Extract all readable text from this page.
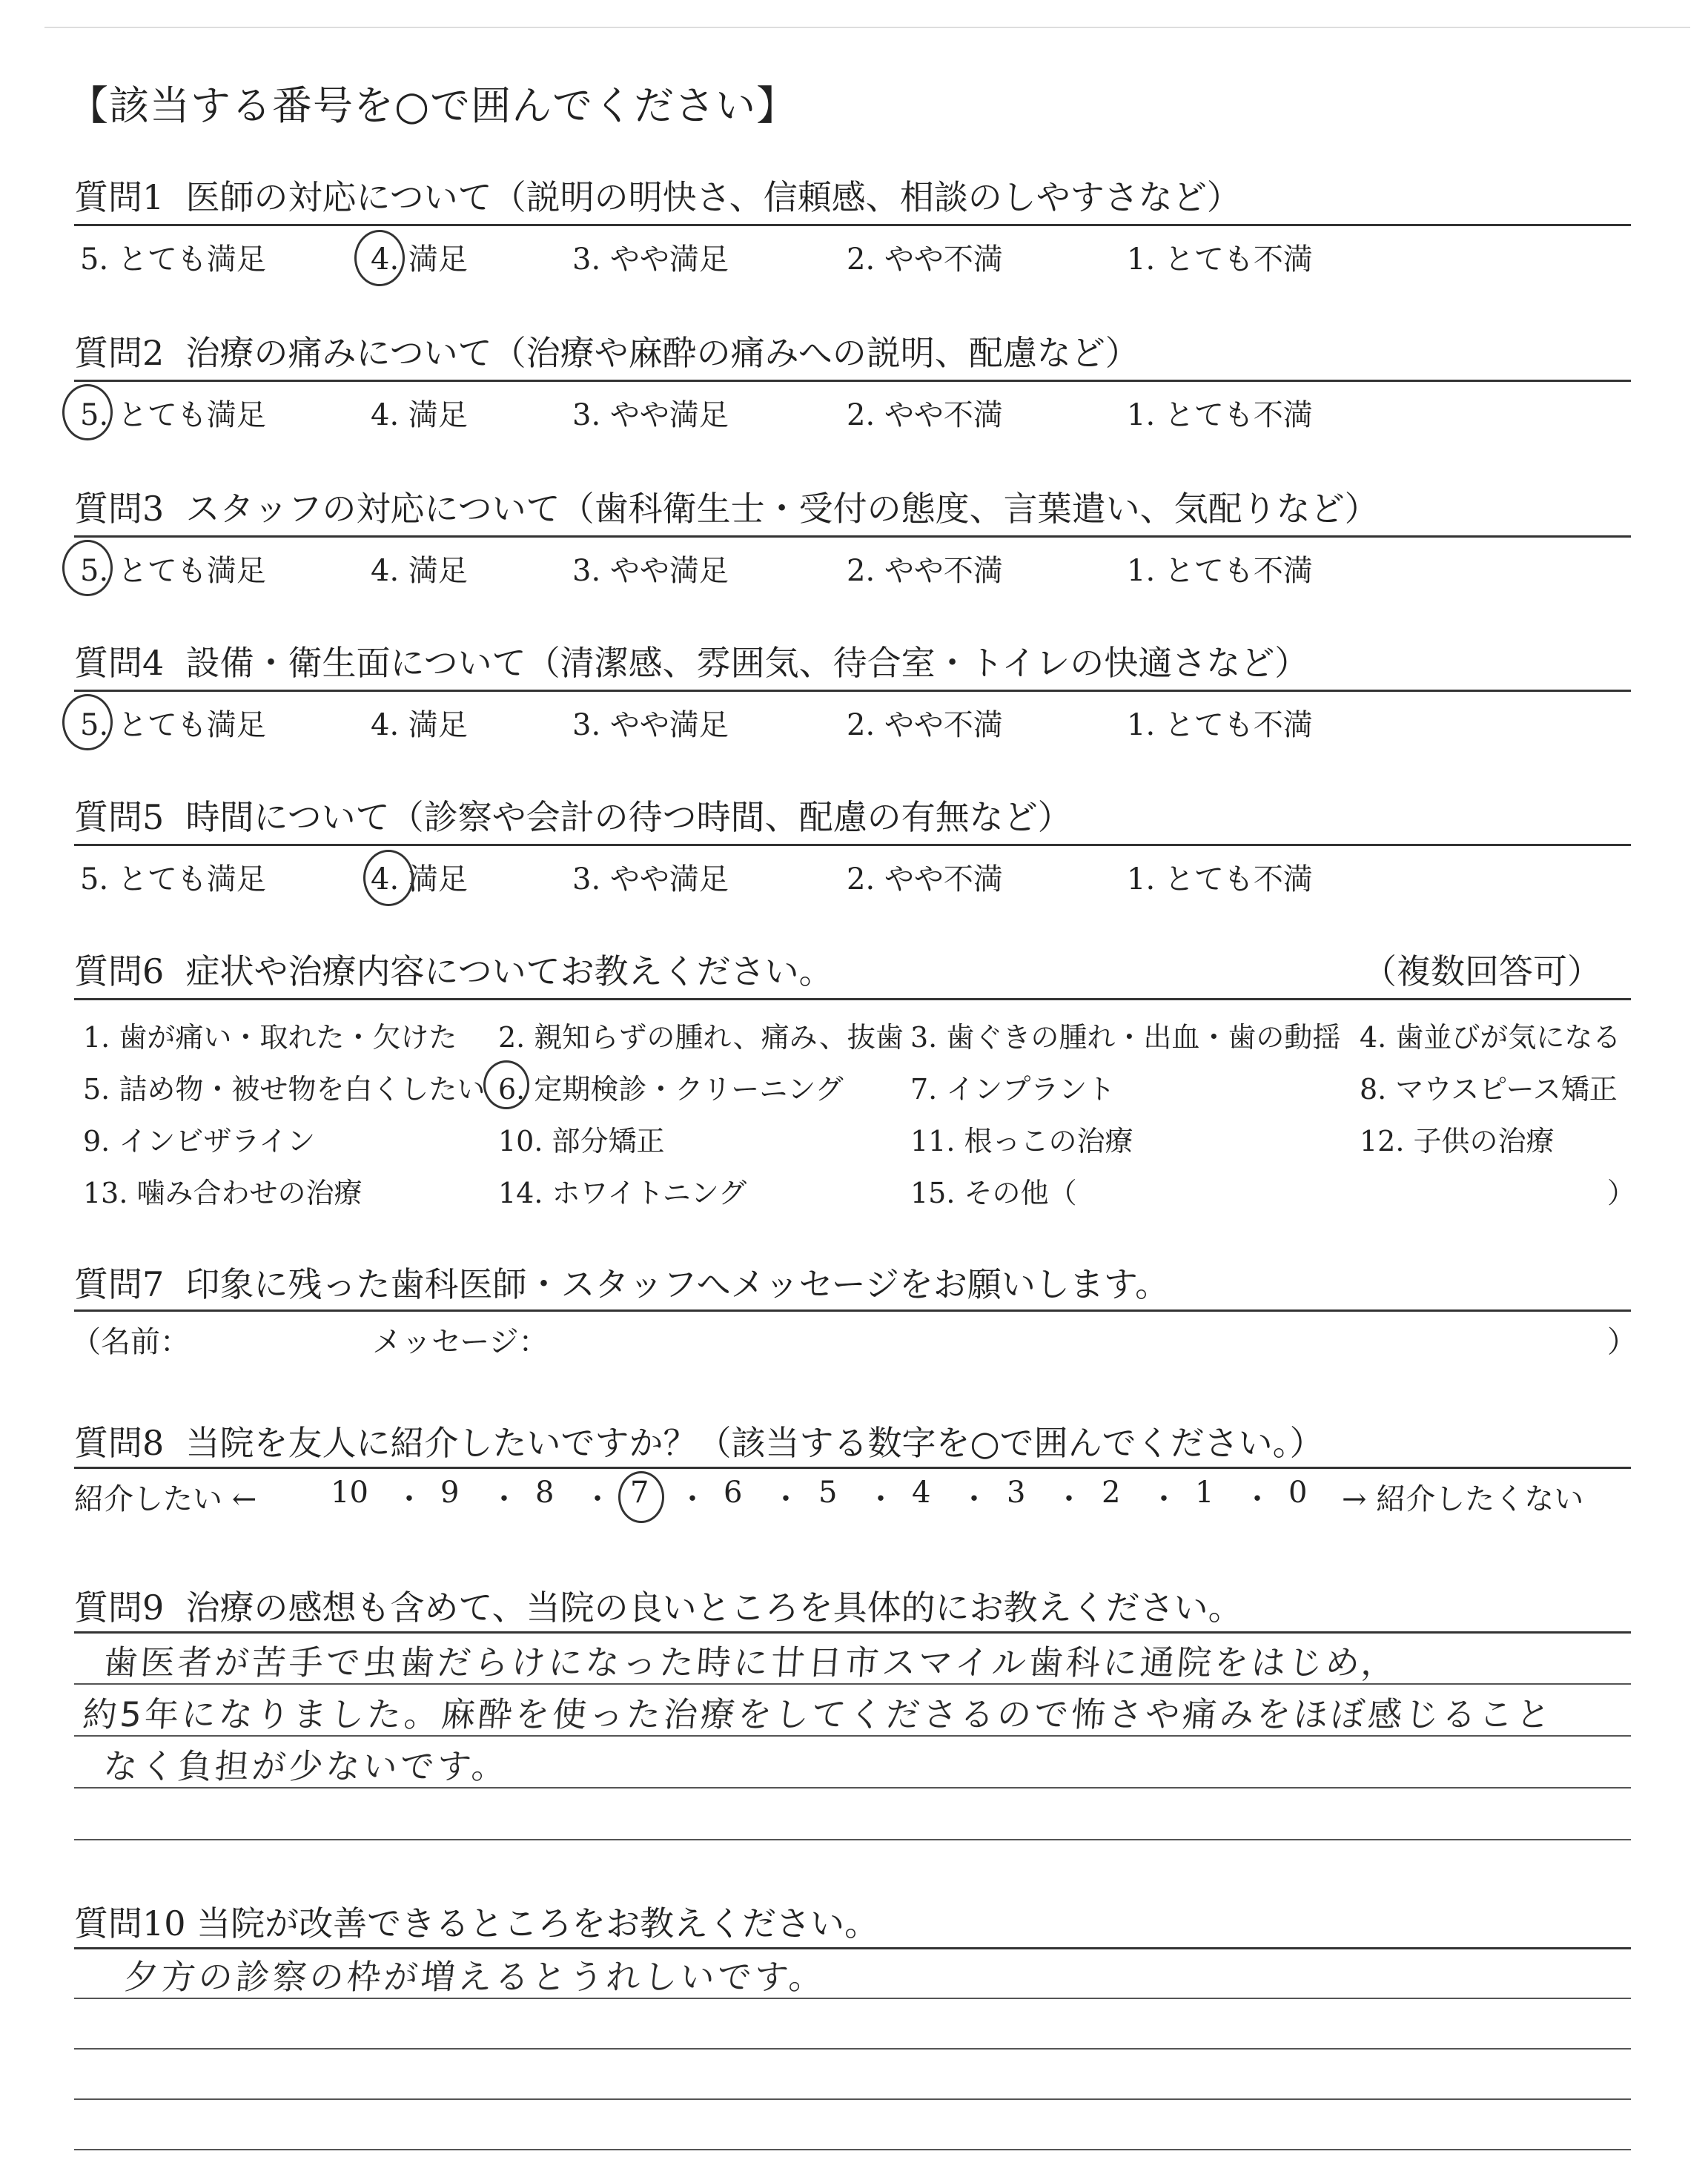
【該当する番号を○で囲んでください】
質問1 医師の対応について（説明の明快さ、信頼感、相談のしやすさなど）
5. とても満足	4. 満足	3. やや満足	2. やや不満	1. とても不満
質問2 治療の痛みについて（治療や麻酔の痛みへの説明、配慮など）
5. とても満足	4. 満足	3. やや満足	2. やや不満	1. とても不満
質問3 スタッフの対応について（歯科衛生士・受付の態度、言葉遣い、気配りなど）
5. とても満足	4. 満足	3. やや満足	2. やや不満	1. とても不満
質問4 設備・衛生面について（清潔感、雰囲気、待合室・トイレの快適さなど）
5. とても満足	4. 満足	3. やや満足	2. やや不満	1. とても不満
質問5 時間について（診察や会計の待つ時間、配慮の有無など）
5. とても満足	4. 満足	3. やや満足	2. やや不満	1. とても不満
質問6 症状や治療内容についてお教えください。	（複数回答可）
1. 歯が痛い・取れた・欠けた 2. 親知らずの腫れ、痛み、抜歯 3. 歯ぐきの腫れ・出血・歯の動揺 4. 歯並びが気になる
5. 詰め物・被せ物を白くしたい 6. 定期検診・クリーニング 7. インプラント	8. マウスピース矯正
9. インビザライン	10. 部分矯正	11. 根っこの治療	12. 子供の治療
13. 噛み合わせの治療	14. ホワイトニング	15. その他（	）
質問7 印象に残った歯科医師・スタッフへメッセージをお願いします。
（名前：	メッセージ：	）
質問8 当院を友人に紹介したいですか？（該当する数字を○で囲んでください。）
紹介したい ← 10 ・ 9 ・ 8 ・ 7 ・ 6 ・ 5 ・ 4 ・ 3 ・ 2 ・ 1 ・ 0 → 紹介したくない
質問9 治療の感想も含めて、当院の良いところを具体的にお教えください。
歯医者が苦手で虫歯だらけになった時に廿日市スマイル歯科に通院をはじめ，
約5年になりました。麻酔を使った治療をしてくださるので怖さや痛みをほぼ感じること
なく負担が少ないです。
質問10 当院が改善できるところをお教えください。
夕方の診察の枠が増えるとうれしいです。
